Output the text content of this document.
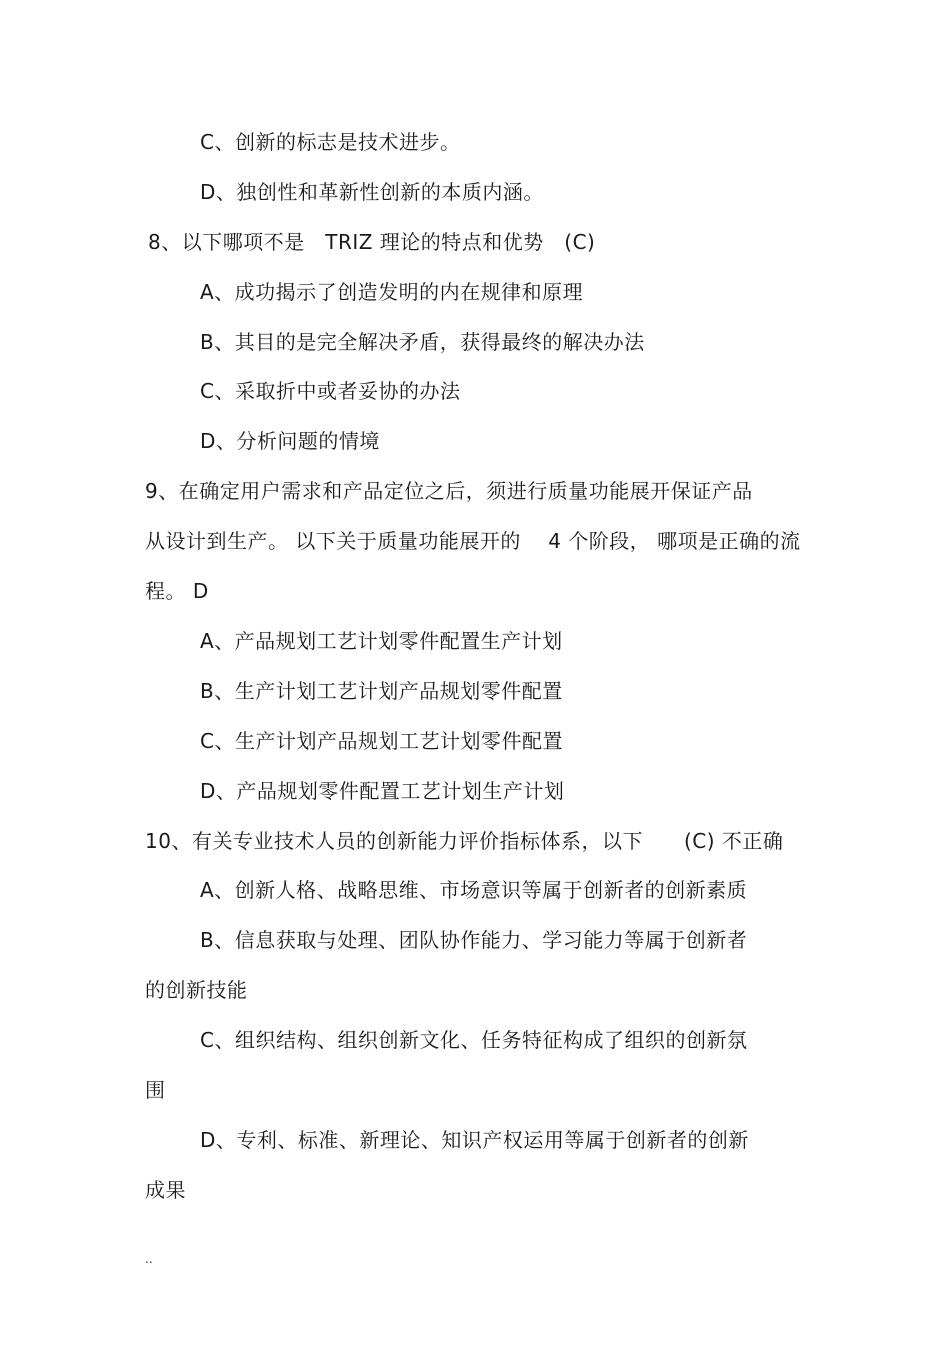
C、创新的标志是技术进步。
D、独创性和革新性创新的本质内涵。
8、以下哪项不是　TRIZ 理论的特点和优势　(C)
A、成功揭示了创造发明的内在规律和原理
B、其目的是完全解决矛盾，获得最终的解决办法
C、采取折中或者妥协的办法
D、分析问题的情境
9、在确定用户需求和产品定位之后，须进行质量功能展开保证产品
从设计到生产。 以下关于质量功能展开的　 4 个阶段， 哪项是正确的流
程。 D
A、产品规划工艺计划零件配置生产计划
B、生产计划工艺计划产品规划零件配置
C、生产计划产品规划工艺计划零件配置
D、产品规划零件配置工艺计划生产计划
10、有关专业技术人员的创新能力评价指标体系，以下　　(C) 不正确
A、创新人格、战略思维、市场意识等属于创新者的创新素质
B、信息获取与处理、团队协作能力、学习能力等属于创新者
的创新技能
C、组织结构、组织创新文化、任务特征构成了组织的创新氛
围
D、专利、标准、新理论、知识产权运用等属于创新者的创新
成果
..
